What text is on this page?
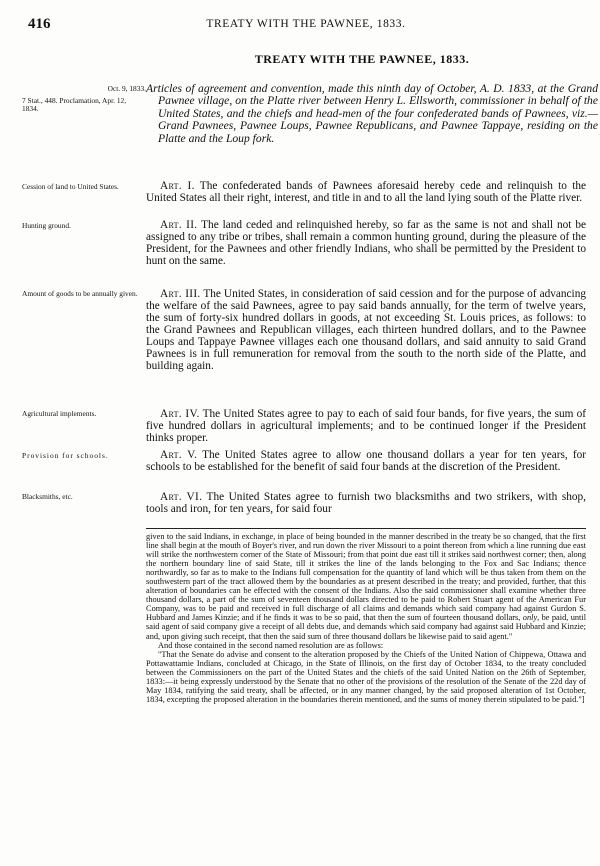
416	TREATY WITH THE PAWNEE, 1833.
TREATY WITH THE PAWNEE, 1833.
Oct. 9, 1833.
7 Stat., 448. Proclamation, Apr. 12, 1834.
Articles of agreement and convention, made this ninth day of October, A. D. 1833, at the Grand Pawnee village, on the Platte river between Henry L. Ellsworth, commissioner in behalf of the United States, and the chiefs and head-men of the four confederated bands of Pawnees, viz.—Grand Pawnees, Pawnee Loups, Pawnee Republicans, and Pawnee Tappaye, residing on the Platte and the Loup fork.
Cession of land to United States.	Art. I. The confederated bands of Pawnees aforesaid hereby cede and relinquish to the United States all their right, interest, and title in and to all the land lying south of the Platte river.
Hunting ground.	Art. II. The land ceded and relinquished hereby, so far as the same is not and shall not be assigned to any tribe or tribes, shall remain a common hunting ground, during the pleasure of the President, for the Pawnees and other friendly Indians, who shall be permitted by the President to hunt on the same.
Amount of goods to be annually given.	Art. III. The United States, in consideration of said cession and for the purpose of advancing the welfare of the said Pawnees, agree to pay said bands annually, for the term of twelve years, the sum of forty-six hundred dollars in goods, at not exceeding St. Louis prices, as follows: to the Grand Pawnees and Republican villages, each thirteen hundred dollars, and to the Pawnee Loups and Tappaye Pawnee villages each one thousand dollars, and said annuity to said Grand Pawnees is in full remuneration for removal from the south to the north side of the Platte, and building again.
Agricultural implements.	Art. IV. The United States agree to pay to each of said four bands, for five years, the sum of five hundred dollars in agricultural implements; and to be continued longer if the President thinks proper.
Provision for schools.	Art. V. The United States agree to allow one thousand dollars a year for ten years, for schools to be established for the benefit of said four bands at the discretion of the President.
Blacksmiths, etc.	Art. VI. The United States agree to furnish two blacksmiths and two strikers, with shop, tools and iron, for ten years, for said four

given to the said Indians, in exchange, in place of being bounded in the manner described in the treaty be so changed, that the first line shall begin at the mouth of Boyer's river, and run down the river Missouri to a point thereon from which a line running due east will strike the northwestern corner of the State of Missouri; from that point due east till it strikes said northwest corner; then, along the northern boundary line of said State, till it strikes the line of the lands belonging to the Fox and Sac Indians; thence northwardly, so far as to make to the Indians full compensation for the quantity of land which will be thus taken from them on the southwestern part of the tract allowed them by the boundaries as at present described in the treaty; and provided, further, that this alteration of boundaries can be effected with the consent of the Indians. Also the said commissioner shall examine whether three thousand dollars, a part of the sum of seventeen thousand dollars directed to be paid to Robert Stuart agent of the American Fur Company, was to be paid and received in full discharge of all claims and demands which said company had against Gurdon S. Hubbard and James Kinzie; and if he finds it was to be so paid, that then the sum of fourteen thousand dollars, only, be paid, until said agent of said company give a receipt of all debts due, and demands which said company had against said Hubbard and Kinzie; and, upon giving such receipt, that then the said sum of three thousand dollars be likewise paid to said agent."

And those contained in the second named resolution are as follows:

"That the Senate do advise and consent to the alteration proposed by the Chiefs of the United Nation of Chippewa, Ottawa and Pottawattamie Indians, concluded at Chicago, in the State of Illinois, on the first day of October 1834, to the treaty concluded between the Commissioners on the part of the United States and the chiefs of the said United Nation on the 26th of September, 1833:—it being expressly understood by the Senate that no other of the provisions of the resolution of the Senate of the 22d day of May 1834, ratifying the said treaty, shall be affected, or in any manner changed, by the said proposed alteration of 1st October, 1834, excepting the proposed alteration in the boundaries therein mentioned, and the sums of money therein stipulated to be paid."]
